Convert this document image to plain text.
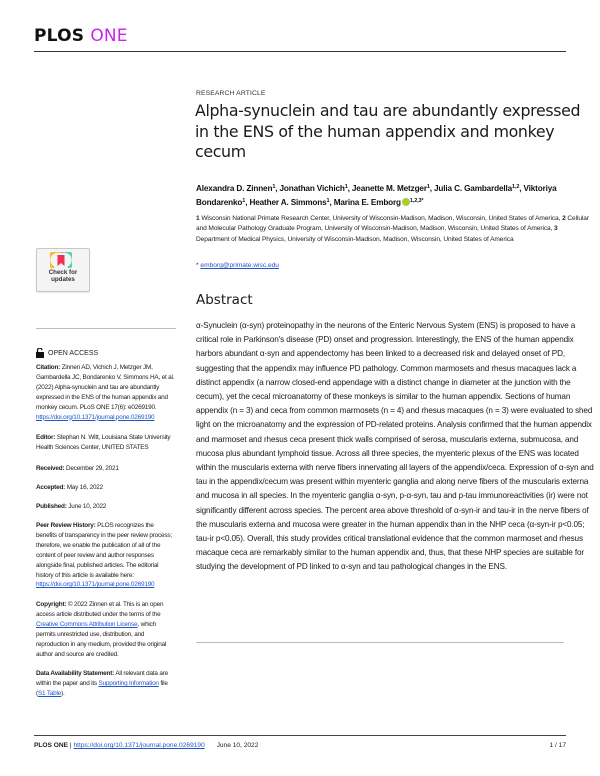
PLOS ONE
Check for
updates
OPEN ACCESS
Citation: Zinnen AD, Vichich J, Metzger JM, Gambardella JC, Bondarenko V, Simmons HA, et al. (2022) Alpha-synuclein and tau are abundantly expressed in the ENS of the human appendix and monkey cecum. PLoS ONE 17(6): e0269190. https://doi.org/10.1371/journal.pone.0269190
Editor: Stephan N. Witt, Louisiana State University Health Sciences Center, UNITED STATES
Received: December 29, 2021
Accepted: May 16, 2022
Published: June 10, 2022
Peer Review History: PLOS recognizes the benefits of transparency in the peer review process; therefore, we enable the publication of all of the content of peer review and author responses alongside final, published articles. The editorial history of this article is available here: https://doi.org/10.1371/journal.pone.0269190
Copyright: © 2022 Zinnen et al. This is an open access article distributed under the terms of the Creative Commons Attribution License, which permits unrestricted use, distribution, and reproduction in any medium, provided the original author and source are credited.
Data Availability Statement: All relevant data are within the paper and its Supporting Information file (S1 Table).
RESEARCH ARTICLE
Alpha-synuclein and tau are abundantly expressed in the ENS of the human appendix and monkey cecum
Alexandra D. Zinnen$^1$, Jonathan Vichich$^1$, Jeanette M. Metzger$^1$, Julia C. Gambardella$^{1,2}$, Viktoriya Bondarenko$^1$, Heather A. Simmons$^1$, Marina E. Emborg $^{1,2,3*}$
1 Wisconsin National Primate Research Center, University of Wisconsin-Madison, Madison, Wisconsin, United States of America, 2 Cellular and Molecular Pathology Graduate Program, University of Wisconsin-Madison, Madison, Wisconsin, United States of America, 3 Department of Medical Physics, University of Wisconsin-Madison, Madison, Wisconsin, United States of America
* emborg@primate.wisc.edu
Abstract

α-Synuclein (α-syn) proteinopathy in the neurons of the Enteric Nervous System (ENS) is proposed to have a critical role in Parkinson's disease (PD) onset and progression. Interestingly, the ENS of the human appendix harbors abundant α-syn and appendectomy has been linked to a decreased risk and delayed onset of PD, suggesting that the appendix may influence PD pathology. Common marmosets and rhesus macaques lack a distinct appendix (a narrow closed-end appendage with a distinct change in diameter at the junction with the cecum), yet the cecal microanatomy of these monkeys is similar to the human appendix. Sections of human appendix (n = 3) and ceca from common marmosets (n = 4) and rhesus macaques (n = 3) were evaluated to shed light on the microanatomy and the expression of PD-related proteins. Analysis confirmed that the human appendix and marmoset and rhesus ceca present thick walls comprised of serosa, muscularis externa, submucosa, and mucosa plus abundant lymphoid tissue. Across all three species, the myenteric plexus of the ENS was located within the muscularis externa with nerve fibers innervating all layers of the appendix/ceca. Expression of α-syn and tau in the appendix/cecum was present within myenteric ganglia and along nerve fibers of the muscularis externa and mucosa in all species. In the myenteric ganglia α-syn, p-α-syn, tau and p-tau immunoreactivities (ir) were not significantly different across species. The percent area above threshold of α-syn-ir and tau-ir in the nerve fibers of the muscularis externa and mucosa were greater in the human appendix than in the NHP ceca (α-syn-ir p<0.05; tau-ir p<0.05). Overall, this study provides critical translational evidence that the common marmoset and rhesus macaque ceca are remarkably similar to the human appendix and, thus, that these NHP species are suitable for studying the development of PD linked to α-syn and tau pathological changes in the ENS.

PLOS ONE | https://doi.org/10.1371/journal.pone.0269190 June 10, 2022	1 / 17
